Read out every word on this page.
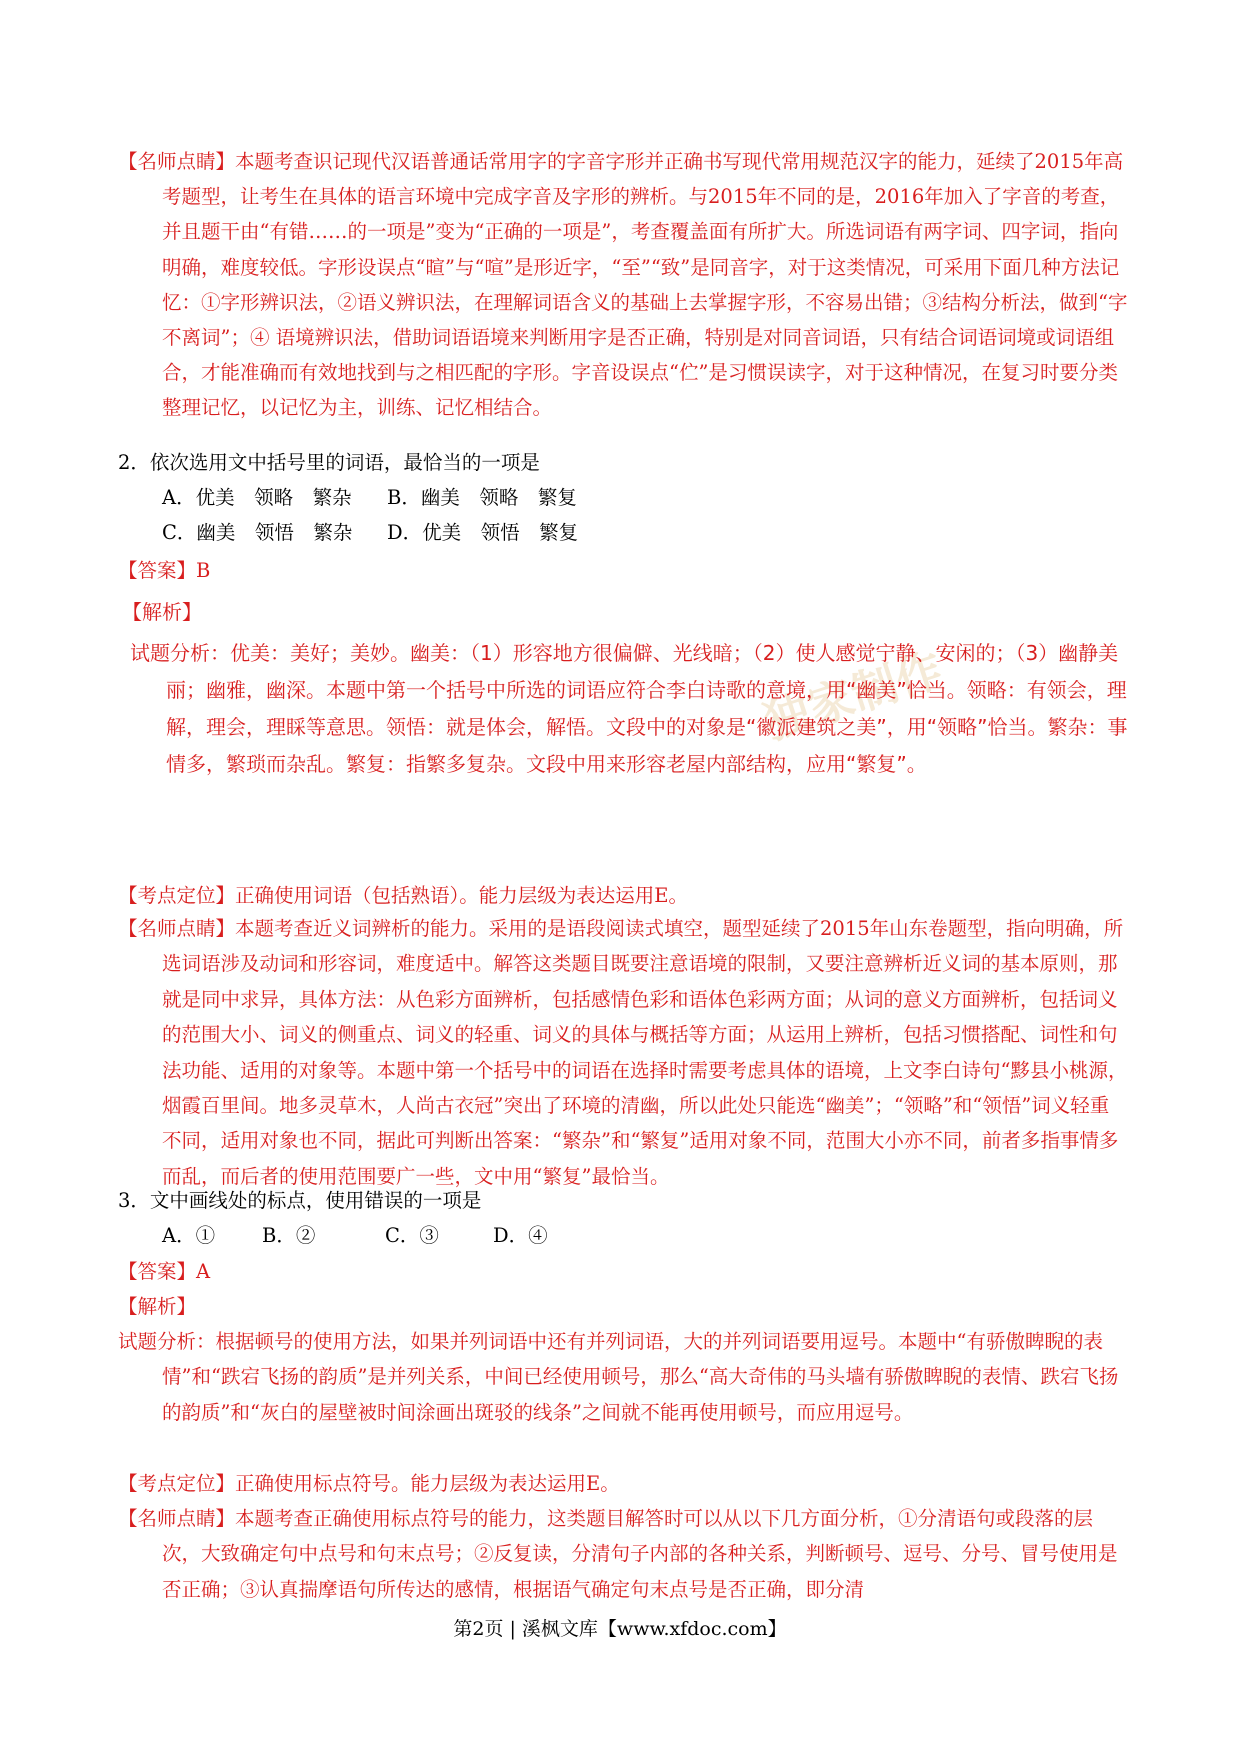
独家制作

【名师点睛】本题考查识记现代汉语普通话常用字的字音字形并正确书写现代常用规范汉字的能力，延续了2015年高考题型，让考生在具体的语言环境中完成字音及字形的辨析。与2015年不同的是，2016年加入了字音的考查，并且题干由“有错……的一项是”变为“正确的一项是”，考查覆盖面有所扩大。所选词语有两字词、四字词，指向明确，难度较低。字形设误点“暄”与“喧”是形近字，“至”“致”是同音字，对于这类情况，可采用下面几种方法记忆：①字形辨识法，②语义辨识法，在理解词语含义的基础上去掌握字形，不容易出错；③结构分析法，做到“字不离词”；④ 语境辨识法，借助词语语境来判断用字是否正确，特别是对同音词语，只有结合词语词境或词语组合，才能准确而有效地找到与之相匹配的字形。字音设误点“伫”是习惯误读字，对于这种情况，在复习时要分类整理记忆，以记忆为主，训练、记忆相结合。

2．依次选用文中括号里的词语，最恰当的一项是
A．优美　领略　繁杂 B．幽美　领略　繁复
C．幽美　领悟　繁杂 D．优美　领悟　繁复
【答案】B
【解析】
试题分析：优美：美好；美妙。幽美：（1）形容地方很偏僻、光线暗；（2）使人感觉宁静、安闲的；（3）幽静美丽；幽雅，幽深。本题中第一个括号中所选的词语应符合李白诗歌的意境，用“幽美”恰当。领略：有领会，理解，理会，理睬等意思。领悟：就是体会，解悟。文段中的对象是“徽派建筑之美”，用“领略”恰当。繁杂：事情多，繁琐而杂乱。繁复：指繁多复杂。文段中用来形容老屋内部结构，应用“繁复”。
【考点定位】正确使用词语（包括熟语）。能力层级为表达运用E。

【名师点睛】本题考查近义词辨析的能力。采用的是语段阅读式填空，题型延续了2015年山东卷题型，指向明确，所选词语涉及动词和形容词，难度适中。解答这类题目既要注意语境的限制，又要注意辨析近义词的基本原则，那就是同中求异，具体方法：从色彩方面辨析，包括感情色彩和语体色彩两方面；从词的意义方面辨析，包括词义的范围大小、词义的侧重点、词义的轻重、词义的具体与概括等方面；从运用上辨析，包括习惯搭配、词性和句法功能、适用的对象等。本题中第一个括号中的词语在选择时需要考虑具体的语境，上文李白诗句“黟县小桃源，烟霞百里间。地多灵草木，人尚古衣冠”突出了环境的清幽，所以此处只能选“幽美”；“领略”和“领悟”词义轻重不同，适用对象也不同，据此可判断出答案：“繁杂”和“繁复”适用对象不同，范围大小亦不同，前者多指事情多而乱，而后者的使用范围要广一些，文中用“繁复”最恰当。

3．文中画线处的标点，使用错误的一项是
A．① B．②	C．③	D．④
【答案】A
【解析】

试题分析：根据顿号的使用方法，如果并列词语中还有并列词语，大的并列词语要用逗号。本题中“有骄傲睥睨的表情”和“跌宕飞扬的韵质”是并列关系，中间已经使用顿号，那么“高大奇伟的马头墙有骄傲睥睨的表情、跌宕飞扬的韵质”和“灰白的屋壁被时间涂画出斑驳的线条”之间就不能再使用顿号，而应用逗号。

【考点定位】正确使用标点符号。能力层级为表达运用E。

【名师点睛】本题考查正确使用标点符号的能力，这类题目解答时可以从以下几方面分析，①分清语句或段落的层次，大致确定句中点号和句末点号；②反复读，分清句子内部的各种关系，判断顿号、逗号、分号、冒号使用是否正确；③认真揣摩语句所传达的感情，根据语气确定句末点号是否正确，即分清

第2页 | 溪枫文库【www.xfdoc.com】
